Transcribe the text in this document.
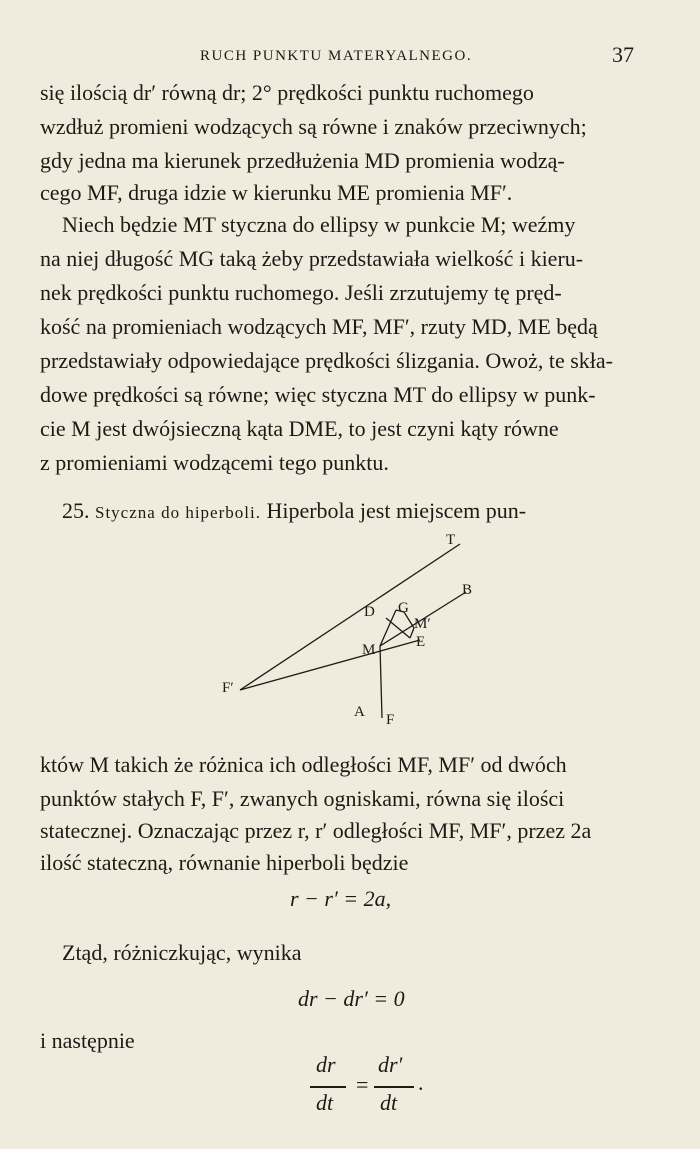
RUCH PUNKTU MATERYALNEGO.	37
się ilością dr′ równą dr; 2° prędkości punktu ruchomego
wzdłuż promieni wodzących są równe i znaków przeciwnych;
gdy jedna ma kierunek przedłużenia MD promienia wodzą-
cego MF, druga idzie w kierunku ME promienia MF′.
Niech będzie MT styczna do ellipsy w punkcie M; weźmy
na niej długość MG taką żeby przedstawiała wielkość i kieru-
nek prędkości punktu ruchomego. Jeśli zrzutujemy tę pręd-
kość na promieniach wodzących MF, MF′, rzuty MD, ME będą
przedstawiały odpowiedające prędkości ślizgania. Owoż, te skła-
dowe prędkości są równe; więc styczna MT do ellipsy w punk-
cie M jest dwójsieczną kąta DME, to jest czyni kąty równe
z promieniami wodzącemi tego punktu.
25. Styczna do hiperboli. Hiperbola jest miejscem pun-
T
B
D G
M′
E
M
F′
A F
któw M takich że różnica ich odległości MF, MF′ od dwóch
punktów stałych F, F′, zwanych ogniskami, równa się ilości
statecznej. Oznaczając przez r, r′ odległości MF, MF′, przez 2a
ilość stateczną, równanie hiperboli będzie
r − r′ = 2a,
Ztąd, różniczkując, wynika
dr − dr′ = 0
i następnie
dr
dt
=
dr′
dt
.
